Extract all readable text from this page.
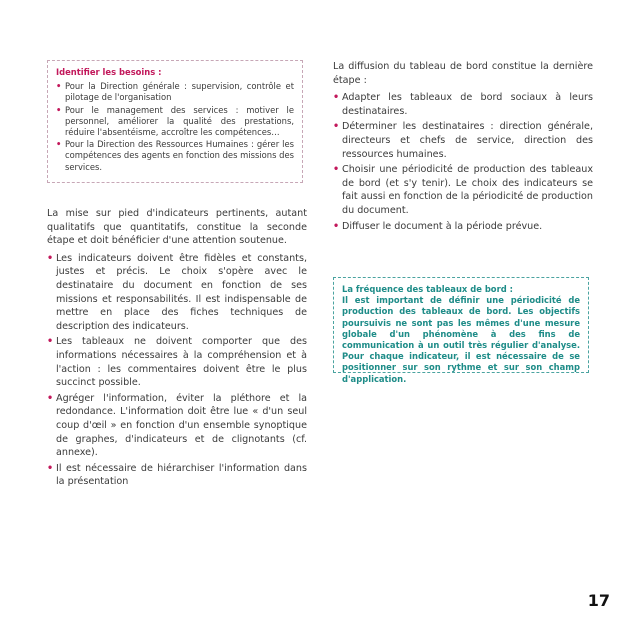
Identifier les besoins :
• Pour la Direction générale : supervision, contrôle et pilotage de l'organisation
• Pour le management des services : motiver le personnel, améliorer la qualité des prestations, réduire l'absentéisme, accroître les compétences…
• Pour la Direction des Ressources Humaines : gérer les compétences des agents en fonction des missions des services.

La mise sur pied d'indicateurs pertinents, autant qualitatifs que quantitatifs, constitue la seconde étape et doit bénéficier d'une attention soutenue.

• Les indicateurs doivent être fidèles et constants, justes et précis. Le choix s'opère avec le destinataire du document en fonction de ses missions et responsabilités. Il est indispensable de mettre en place des fiches techniques de description des indicateurs.
• Les tableaux ne doivent comporter que des informations nécessaires à la compréhension et à l'action : les commentaires doivent être le plus succinct possible.
• Agréger l'information, éviter la pléthore et la redondance. L'information doit être lue « d'un seul coup d'œil » en fonction d'un ensemble synoptique de graphes, d'indicateurs et de clignotants (cf. annexe).
• Il est nécessaire de hiérarchiser l'information dans la présentation

La diffusion du tableau de bord constitue la dernière étape :

• Adapter les tableaux de bord sociaux à leurs destinataires.
• Déterminer les destinataires : direction générale, directeurs et chefs de service, direction des ressources humaines.
• Choisir une périodicité de production des tableaux de bord (et s'y tenir). Le choix des indicateurs se fait aussi en fonction de la périodicité de production du document.
• Diffuser le document à la période prévue.
La fréquence des tableaux de bord :
Il est important de définir une périodicité de production des tableaux de bord. Les objectifs poursuivis ne sont pas les mêmes d'une mesure globale d'un phénomène à des fins de communication à un outil très régulier d'analyse. Pour chaque indicateur, il est nécessaire de se positionner sur son rythme et sur son champ d'application.
17
